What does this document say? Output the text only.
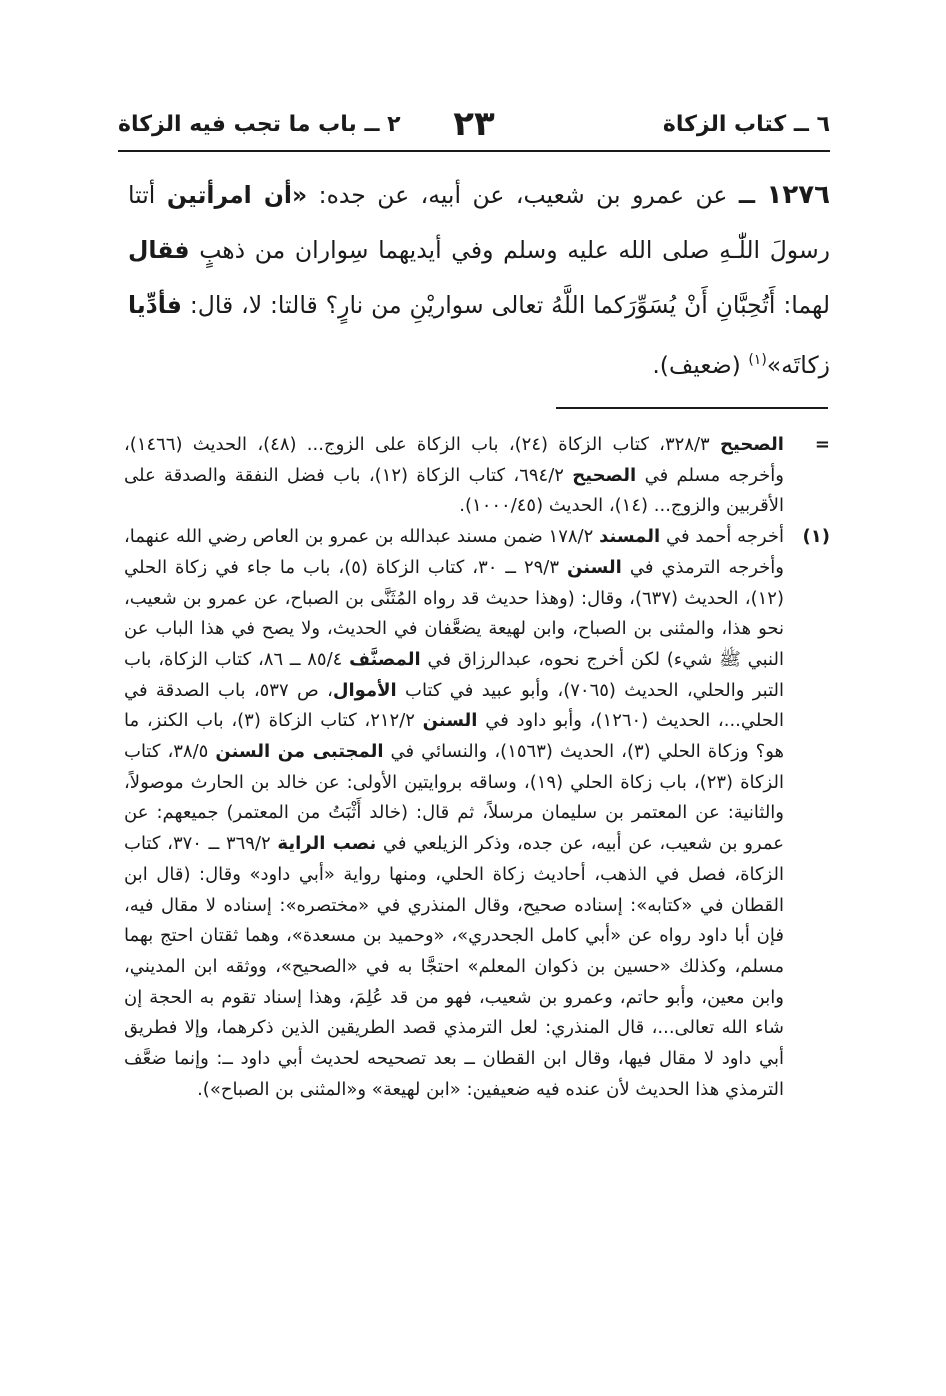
٦ ــ كتاب الزكاة
٢٣
٢ ــ باب ما تجب فيه الزكاة
١٢٧٦ ــ عن عمرو بن شعيب، عن أبيه، عن جده: «أن امرأتين أتتا رسولَ اللّٰـهِ صلى الله عليه وسلم وفي أيديهما سِواران من ذهبٍ فقال لهما: أَتُحِبَّانِ أَنْ يُسَوِّرَكما اللَّهُ تعالى سواريْنِ من نارٍ؟ قالتا: لا، قال: فأدِّيا زكاتَه»$^{(١)}$ (ضعيف).
=
الصحيح ٣٢٨/٣، كتاب الزكاة (٢٤)، باب الزكاة على الزوج... (٤٨)، الحديث (١٤٦٦)، وأخرجه مسلم في الصحيح ٦٩٤/٢، كتاب الزكاة (١٢)، باب فضل النفقة والصدقة على الأقربين والزوج... (١٤)، الحديث (١٠٠٠/٤٥).
(١)
أخرجه أحمد في المسند ١٧٨/٢ ضمن مسند عبدالله بن عمرو بن العاص رضي الله عنهما، وأخرجه الترمذي في السنن ٢٩/٣ ــ ٣٠، كتاب الزكاة (٥)، باب ما جاء في زكاة الحلي (١٢)، الحديث (٦٣٧)، وقال: (وهذا حديث قد رواه المُثَنَّى بن الصباح، عن عمرو بن شعيب، نحو هذا، والمثنى بن الصباح، وابن لهيعة يضعَّفان في الحديث، ولا يصح في هذا الباب عن النبي ﷺ شيء) لكن أخرج نحوه، عبدالرزاق في المصنَّف ٨٥/٤ ــ ٨٦، كتاب الزكاة، باب التبر والحلي، الحديث (٧٠٦٥)، وأبو عبيد في كتاب الأموال، ص ٥٣٧، باب الصدقة في الحلي...، الحديث (١٢٦٠)، وأبو داود في السنن ٢١٢/٢، كتاب الزكاة (٣)، باب الكنز، ما هو؟ وزكاة الحلي (٣)، الحديث (١٥٦٣)، والنسائي في المجتبى من السنن ٣٨/٥، كتاب الزكاة (٢٣)، باب زكاة الحلي (١٩)، وساقه بروايتين الأولى: عن خالد بن الحارث موصولاً، والثانية: عن المعتمر بن سليمان مرسلاً، ثم قال: (خالد أَثْبَتُ من المعتمر) جميعهم: عن عمرو بن شعيب، عن أبيه، عن جده، وذكر الزيلعي في نصب الراية ٣٦٩/٢ ــ ٣٧٠، كتاب الزكاة، فصل في الذهب، أحاديث زكاة الحلي، ومنها رواية «أبي داود» وقال: (قال ابن القطان في «كتابه»: إسناده صحيح، وقال المنذري في «مختصره»: إسناده لا مقال فيه، فإن أبا داود رواه عن «أبي كامل الجحدري»، «وحميد بن مسعدة»، وهما ثقتان احتج بهما مسلم، وكذلك «حسين بن ذكوان المعلم» احتجَّا به في «الصحيح»، ووثقه ابن المديني، وابن معين، وأبو حاتم، وعمرو بن شعيب، فهو من قد عُلِمَ، وهذا إسناد تقوم به الحجة إن شاء الله تعالى...، قال المنذري: لعل الترمذي قصد الطريقين الذين ذكرهما، وإلا فطريق أبي داود لا مقال فيها، وقال ابن القطان ــ بعد تصحيحه لحديث أبي داود ــ: وإنما ضعَّف الترمذي هذا الحديث لأن عنده فيه ضعيفين: «ابن لهيعة» و«المثنى بن الصباح»).
